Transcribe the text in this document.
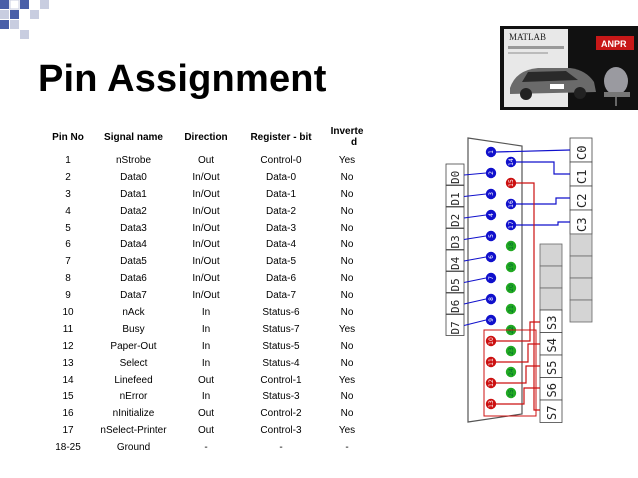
Pin Assignment
MATLAB
ANPR
Pin No	Signal name	Direction	Register - bit	Inverte
d
1	nStrobe	Out	Control-0	Yes
2	Data0	In/Out	Data-0	No
3	Data1	In/Out	Data-1	No
4	Data2	In/Out	Data-2	No
5	Data3	In/Out	Data-3	No
6	Data4	In/Out	Data-4	No
7	Data5	In/Out	Data-5	No
8	Data6	In/Out	Data-6	No
9	Data7	In/Out	Data-7	No
10	nAck	In	Status-6	No
11	Busy	In	Status-7	Yes
12	Paper-Out	In	Status-5	No
13	Select	In	Status-4	No
14	Linefeed	Out	Control-1	Yes
15	nError	In	Status-3	No
16	nInitialize	Out	Control-2	No
17	nSelect-Printer	Out	Control-3	Yes
18-25	Ground	-	-	-
D0
D1
D2
D3
D4
D5
D6
D7
1
2
3
4
5
6
7
8
9
10
11
12
13
14
15
16
17
18
19
20
21
22
23
24
25
C0
C1
C2
C3
S3
S4
S5
S6
S7
